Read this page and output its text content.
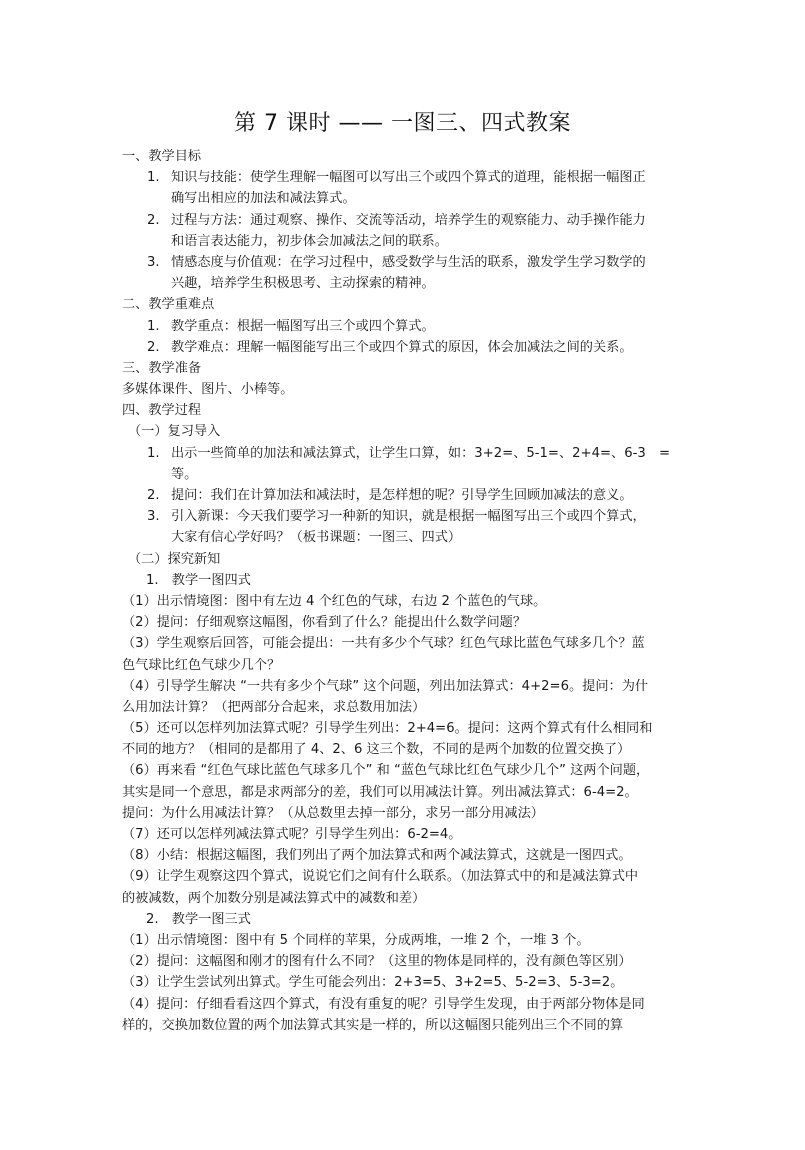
第 7 课时 —— 一图三、四式教案
一、教学目标
1. 知识与技能：使学生理解一幅图可以写出三个或四个算式的道理，能根据一幅图正
确写出相应的加法和减法算式。
2. 过程与方法：通过观察、操作、交流等活动，培养学生的观察能力、动手操作能力
和语言表达能力，初步体会加减法之间的联系。
3. 情感态度与价值观：在学习过程中，感受数学与生活的联系，激发学生学习数学的
兴趣，培养学生积极思考、主动探索的精神。
二、教学重难点
1. 教学重点：根据一幅图写出三个或四个算式。
2. 教学难点：理解一幅图能写出三个或四个算式的原因，体会加减法之间的关系。
三、教学准备
多媒体课件、图片、小棒等。
四、教学过程
（一）复习导入
1. 出示一些简单的加法和减法算式，让学生口算，如：3+2=、5-1=、2+4=、6-3　=
等。
2. 提问：我们在计算加法和减法时，是怎样想的呢？引导学生回顾加减法的意义。
3. 引入新课：今天我们要学习一种新的知识，就是根据一幅图写出三个或四个算式，
大家有信心学好吗？（板书课题：一图三、四式）
（二）探究新知
1.　教学一图四式
（1）出示情境图：图中有左边 4 个红色的气球，右边 2 个蓝色的气球。
（2）提问：仔细观察这幅图，你看到了什么？能提出什么数学问题？
（3）学生观察后回答，可能会提出：一共有多少个气球？红色气球比蓝色气球多几个？蓝
色气球比红色气球少几个？
（4）引导学生解决 “一共有多少个气球” 这个问题，列出加法算式：4+2=6。提问：为什
么用加法计算？（把两部分合起来，求总数用加法）
（5）还可以怎样列加法算式呢？引导学生列出：2+4=6。提问：这两个算式有什么相同和
不同的地方？（相同的是都用了 4、2、6 这三个数，不同的是两个加数的位置交换了）
（6）再来看 “红色气球比蓝色气球多几个” 和 “蓝色气球比红色气球少几个” 这两个问题，
其实是同一个意思，都是求两部分的差，我们可以用减法计算。列出减法算式：6-4=2。
提问：为什么用减法计算？（从总数里去掉一部分，求另一部分用减法）
（7）还可以怎样列减法算式呢？引导学生列出：6-2=4。
（8）小结：根据这幅图，我们列出了两个加法算式和两个减法算式，这就是一图四式。
（9）让学生观察这四个算式，说说它们之间有什么联系。（加法算式中的和是减法算式中
的被减数，两个加数分别是减法算式中的减数和差）
2.　教学一图三式
（1）出示情境图：图中有 5 个同样的苹果，分成两堆，一堆 2 个，一堆 3 个。
（2）提问：这幅图和刚才的图有什么不同？（这里的物体是同样的，没有颜色等区别）
（3）让学生尝试列出算式。学生可能会列出：2+3=5、3+2=5、5-2=3、5-3=2。
（4）提问：仔细看看这四个算式，有没有重复的呢？引导学生发现，由于两部分物体是同
样的，交换加数位置的两个加法算式其实是一样的，所以这幅图只能列出三个不同的算
